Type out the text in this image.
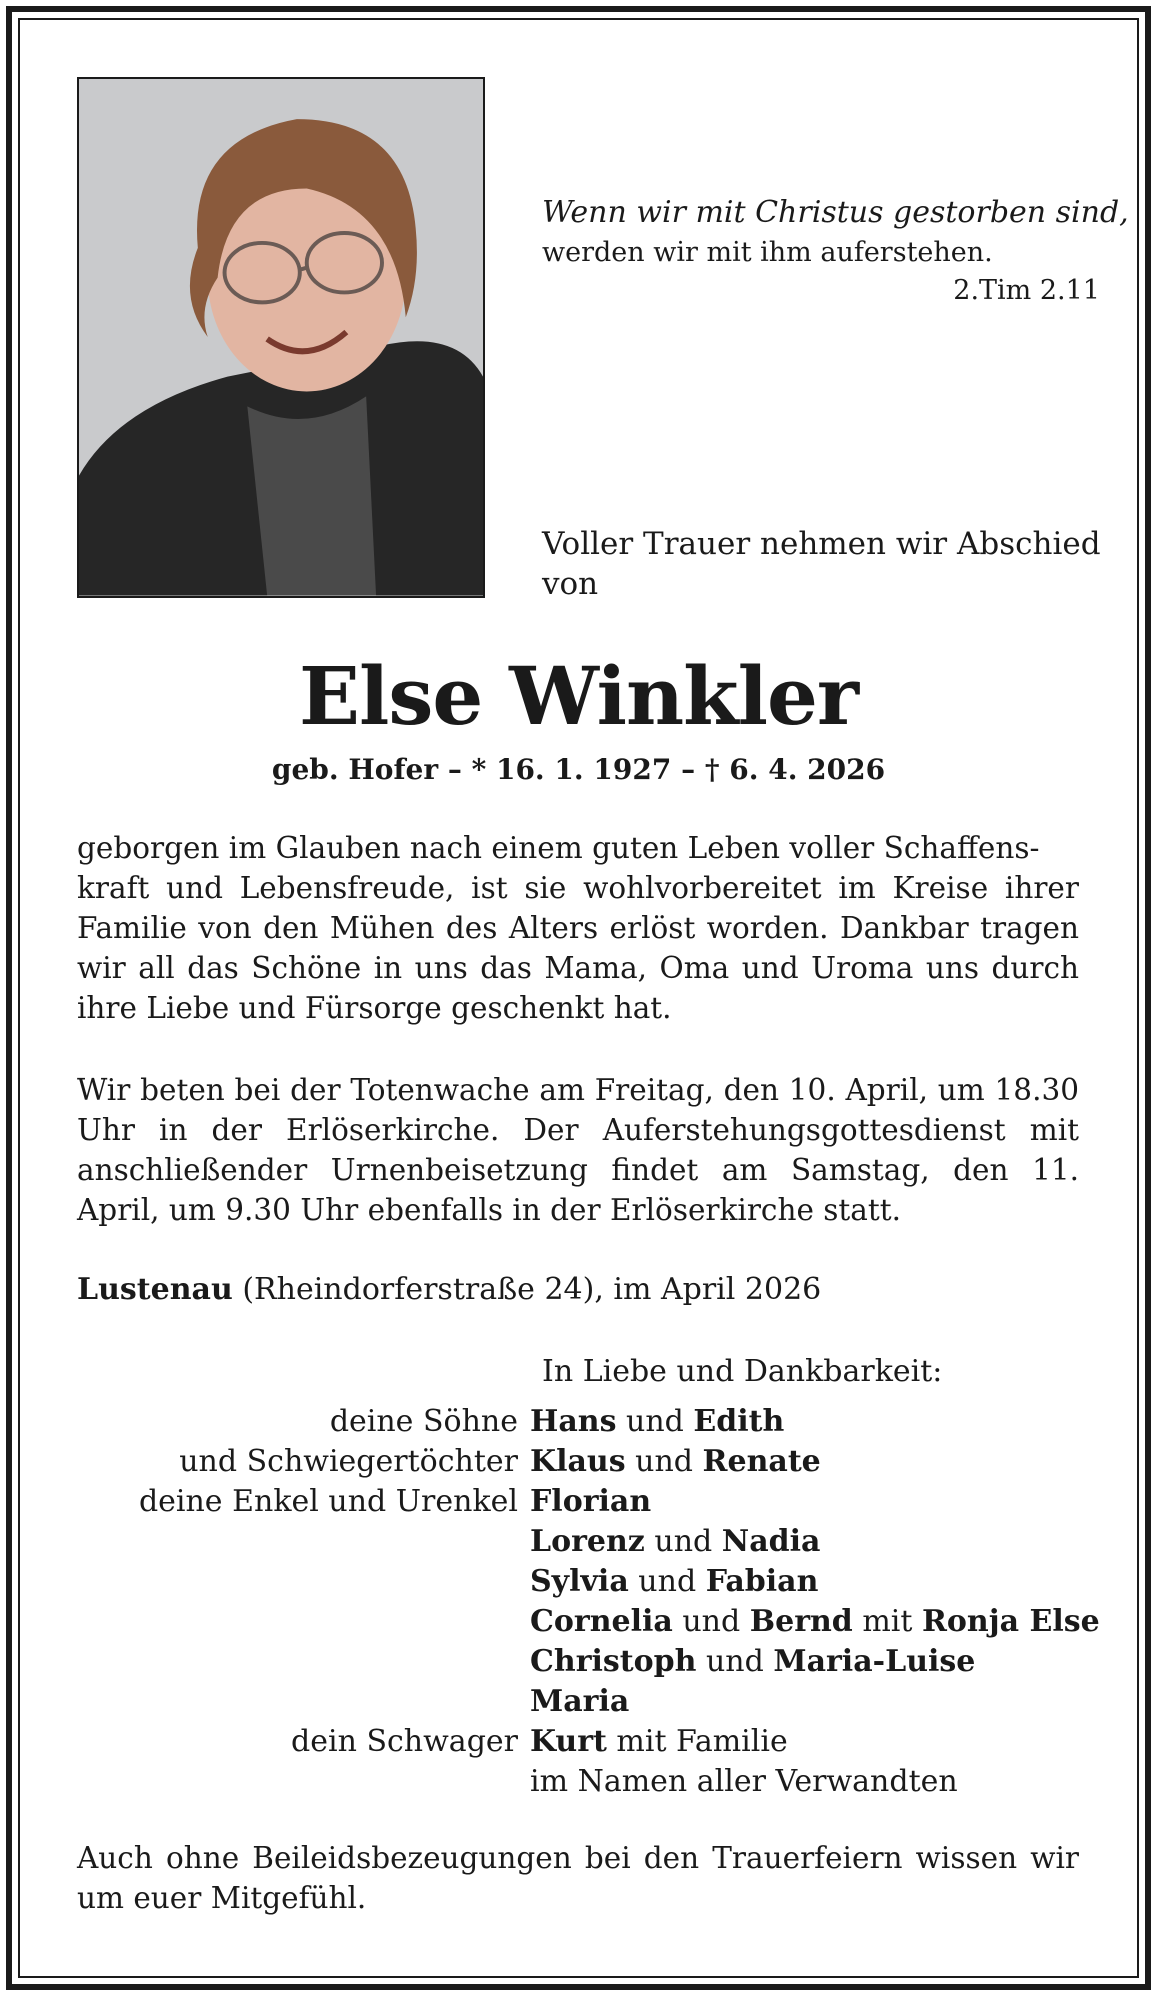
Wenn wir mit Christus gestorben sind,
werden wir mit ihm auferstehen.
2.Tim 2.11
Voller Trauer nehmen wir Abschied von
Else Winkler
geb. Hofer – * 16. 1. 1927 – † 6. 4. 2026
geborgen im Glauben nach einem guten Leben voller Schaffens-
kraft und Lebensfreude, ist sie wohlvorbereitet im Kreise ihrer Familie von den Mühen des Alters erlöst worden. Dankbar tragen wir all das Schöne in uns das Mama, Oma und Uroma uns durch ihre Liebe und Fürsorge geschenkt hat.
Wir beten bei der Totenwache am Freitag, den 10. April, um 18.30 Uhr in der Erlöserkirche. Der Auferstehungsgottesdienst mit anschließender Urnenbeisetzung findet am Samstag, den 11. April, um 9.30 Uhr ebenfalls in der Erlöserkirche statt.
Lustenau (Rheindorferstraße 24), im April 2026
In Liebe und Dankbarkeit:
deine Söhne Hans und Edith
und Schwiegertöchter Klaus und Renate
deine Enkel und Urenkel Florian
Lorenz und Nadia
Sylvia und Fabian
Cornelia und Bernd mit Ronja Else
Christoph und Maria-Luise
Maria
dein Schwager Kurt mit Familie
im Namen aller Verwandten
Auch ohne Beileidsbezeugungen bei den Trauerfeiern wissen wir um euer Mitgefühl.
